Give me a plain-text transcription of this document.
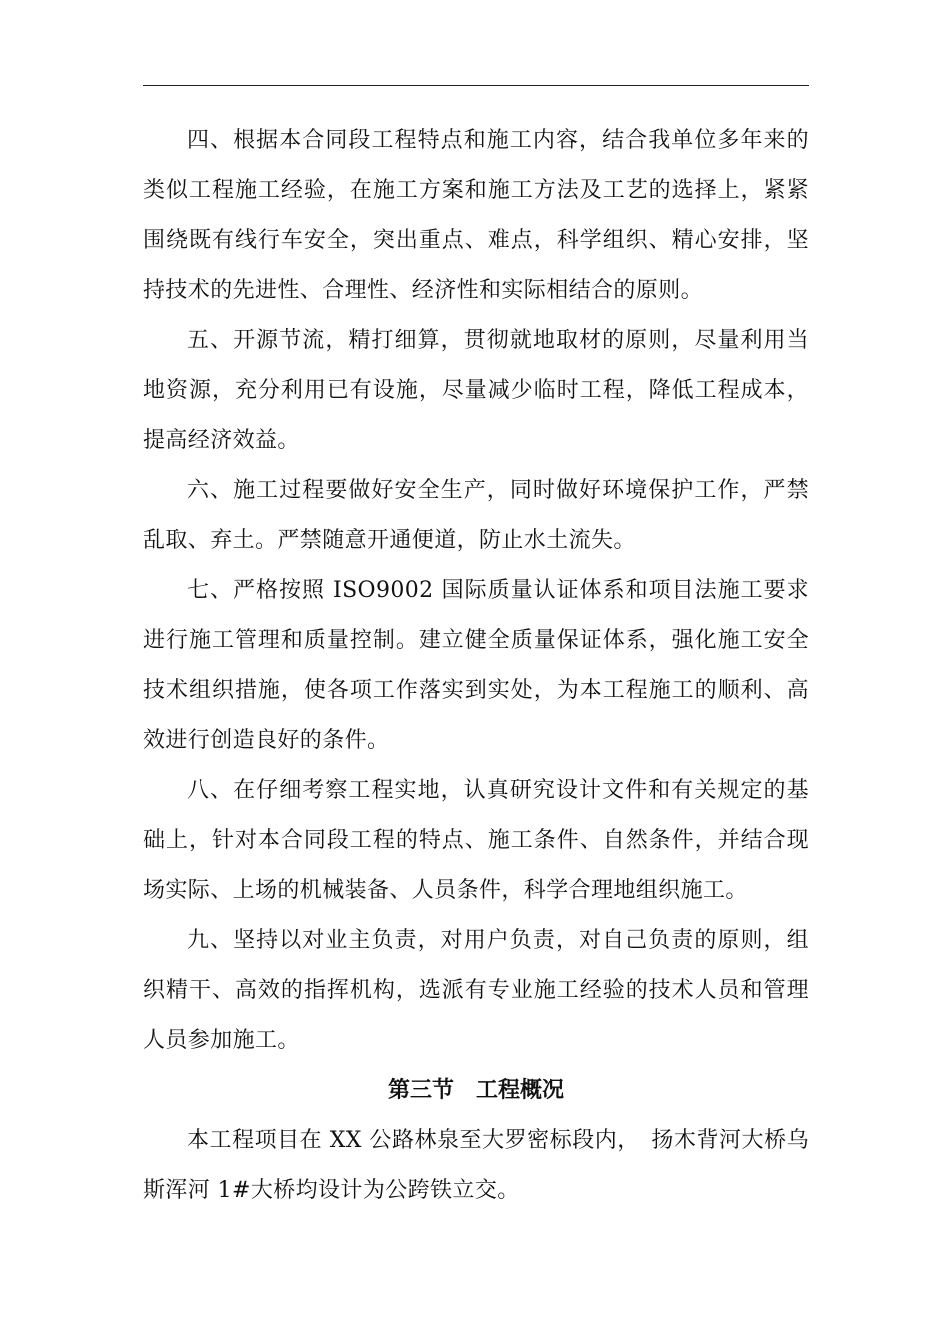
四、根据本合同段工程特点和施工内容，结合我单位多年来的类似工程施工经验，在施工方案和施工方法及工艺的选择上，紧紧围绕既有线行车安全，突出重点、难点，科学组织、精心安排，坚持技术的先进性、合理性、经济性和实际相结合的原则。

五、开源节流，精打细算，贯彻就地取材的原则，尽量利用当地资源，充分利用已有设施，尽量减少临时工程，降低工程成本，提高经济效益。

六、施工过程要做好安全生产，同时做好环境保护工作，严禁乱取、弃土。严禁随意开通便道，防止水土流失。

七、严格按照 ISO9002 国际质量认证体系和项目法施工要求进行施工管理和质量控制。建立健全质量保证体系，强化施工安全技术组织措施，使各项工作落实到实处，为本工程施工的顺利、高效进行创造良好的条件。

八、在仔细考察工程实地，认真研究设计文件和有关规定的基础上，针对本合同段工程的特点、施工条件、自然条件，并结合现场实际、上场的机械装备、人员条件，科学合理地组织施工。

九、坚持以对业主负责，对用户负责，对自己负责的原则，组织精干、高效的指挥机构，选派有专业施工经验的技术人员和管理人员参加施工。

第三节　工程概况

本工程项目在 XX 公路林泉至大罗密标段内，　扬木背河大桥乌斯浑河 1#大桥均设计为公跨铁立交。
